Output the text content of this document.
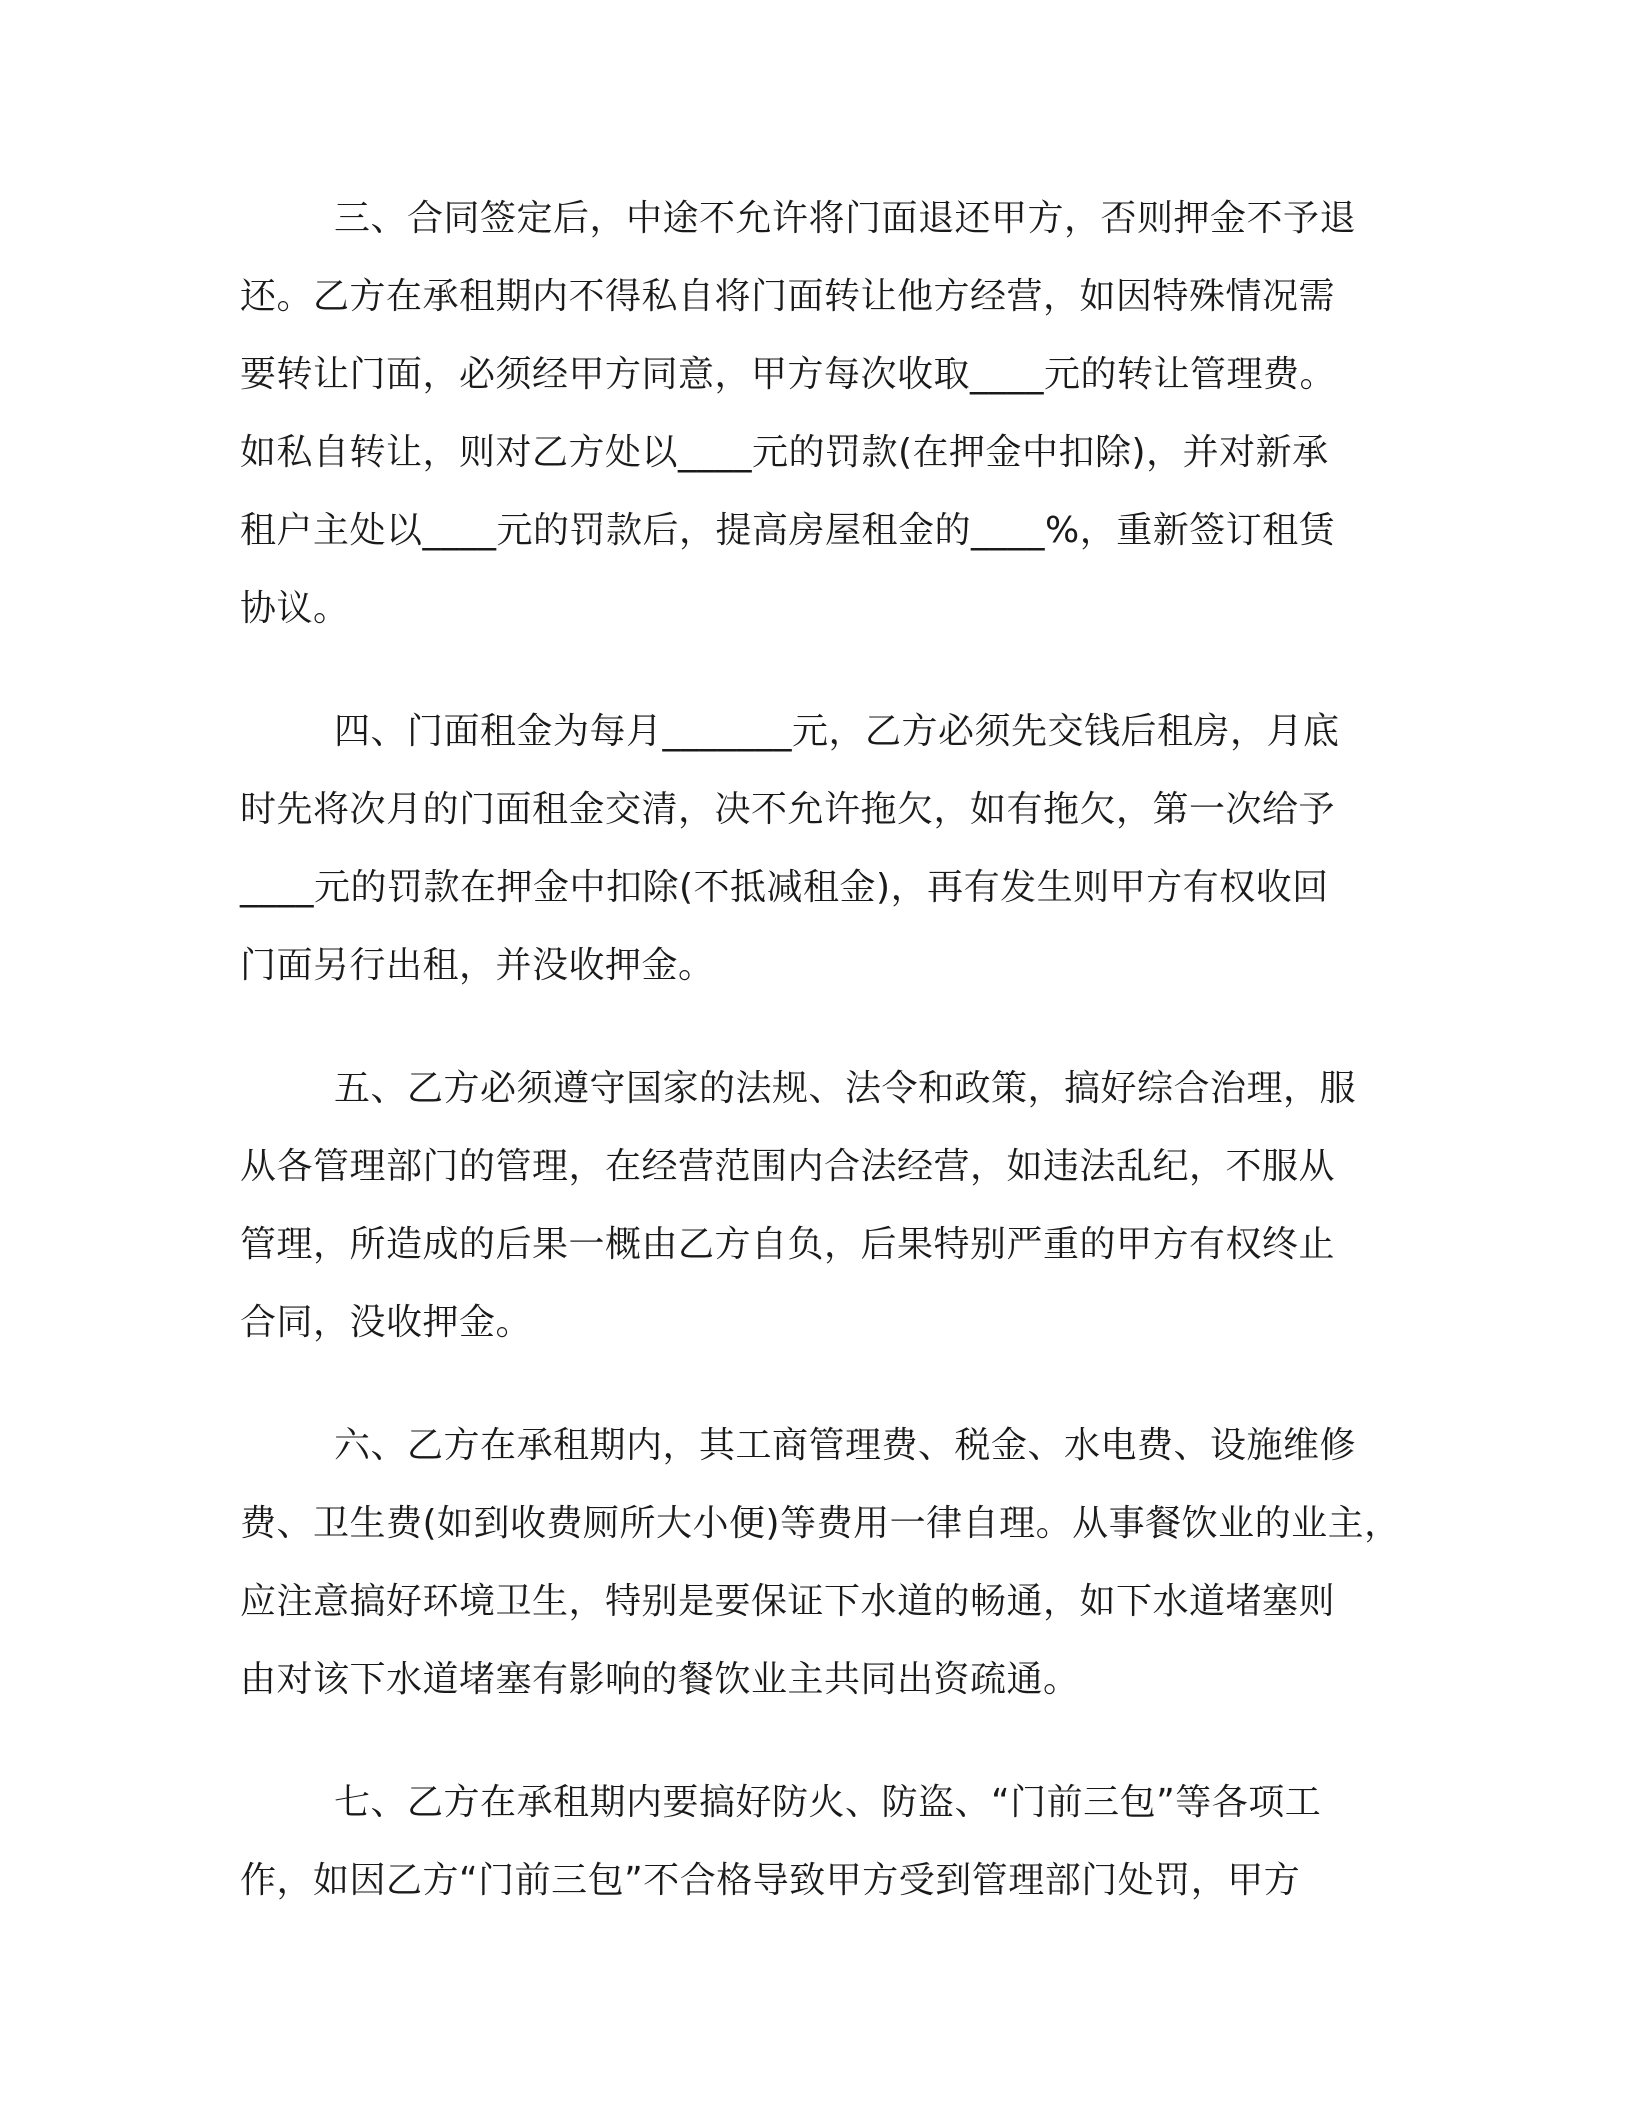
三、合同签定后，中途不允许将门面退还甲方，否则押金不予退
还。乙方在承租期内不得私自将门面转让他方经营，如因特殊情况需
要转让门面，必须经甲方同意，甲方每次收取____元的转让管理费。
如私自转让，则对乙方处以____元的罚款(在押金中扣除)，并对新承
租户主处以____元的罚款后，提高房屋租金的____%，重新签订租赁
协议。
四、门面租金为每月_______元，乙方必须先交钱后租房，月底
时先将次月的门面租金交清，决不允许拖欠，如有拖欠，第一次给予
____元的罚款在押金中扣除(不抵减租金)，再有发生则甲方有权收回
门面另行出租，并没收押金。
五、乙方必须遵守国家的法规、法令和政策，搞好综合治理，服
从各管理部门的管理，在经营范围内合法经营，如违法乱纪，不服从
管理，所造成的后果一概由乙方自负，后果特别严重的甲方有权终止
合同，没收押金。
六、乙方在承租期内，其工商管理费、税金、水电费、设施维修
费、卫生费(如到收费厕所大小便)等费用一律自理。从事餐饮业的业主，
应注意搞好环境卫生，特别是要保证下水道的畅通，如下水道堵塞则
由对该下水道堵塞有影响的餐饮业主共同出资疏通。
七、乙方在承租期内要搞好防火、防盗、“门前三包”等各项工
作，如因乙方“门前三包”不合格导致甲方受到管理部门处罚，甲方
